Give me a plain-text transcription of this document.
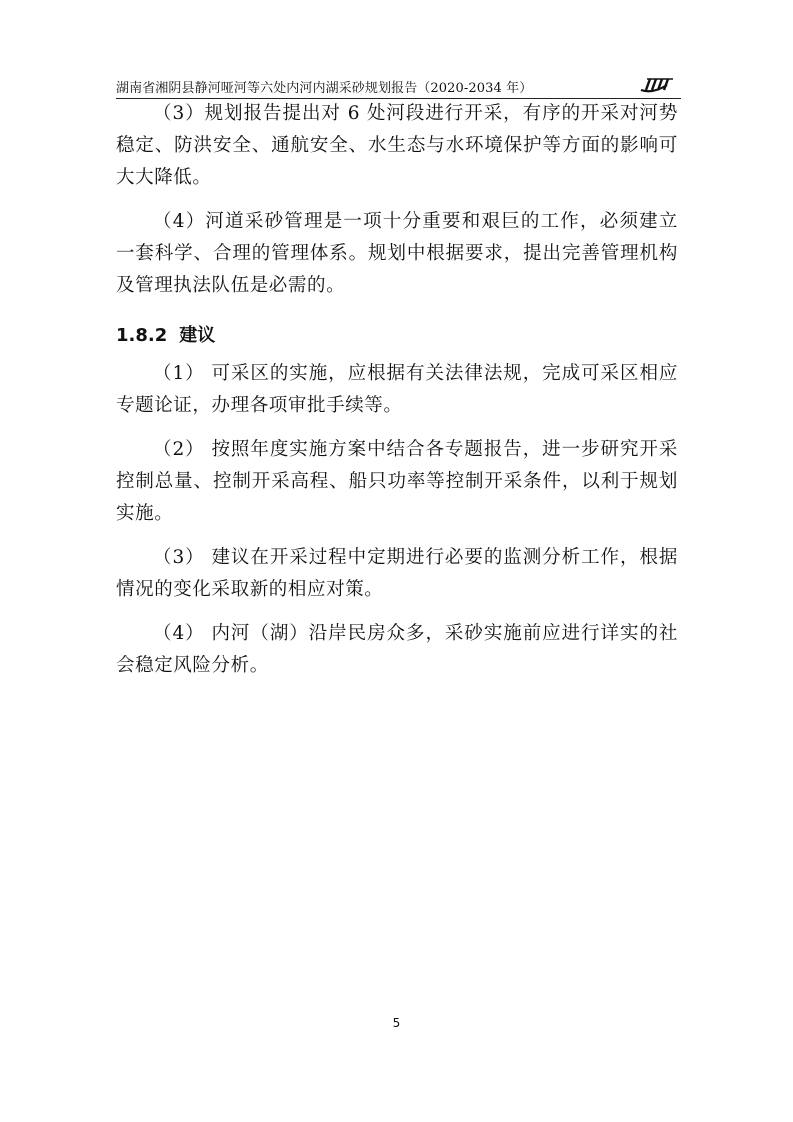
湖南省湘阴县静河哑河等六处内河内湖采砂规划报告（2020-2034 年）

（3）规划报告提出对 6 处河段进行开采，有序的开采对河势稳定、防洪安全、通航安全、水生态与水环境保护等方面的影响可大大降低。

（4）河道采砂管理是一项十分重要和艰巨的工作，必须建立一套科学、合理的管理体系。规划中根据要求，提出完善管理机构及管理执法队伍是必需的。

1.8.2 建议

（1） 可采区的实施，应根据有关法律法规，完成可采区相应专题论证，办理各项审批手续等。

（2） 按照年度实施方案中结合各专题报告，进一步研究开采控制总量、控制开采高程、船只功率等控制开采条件，以利于规划实施。

（3） 建议在开采过程中定期进行必要的监测分析工作，根据情况的变化采取新的相应对策。

（4） 内河（湖）沿岸民房众多，采砂实施前应进行详实的社会稳定风险分析。

5
